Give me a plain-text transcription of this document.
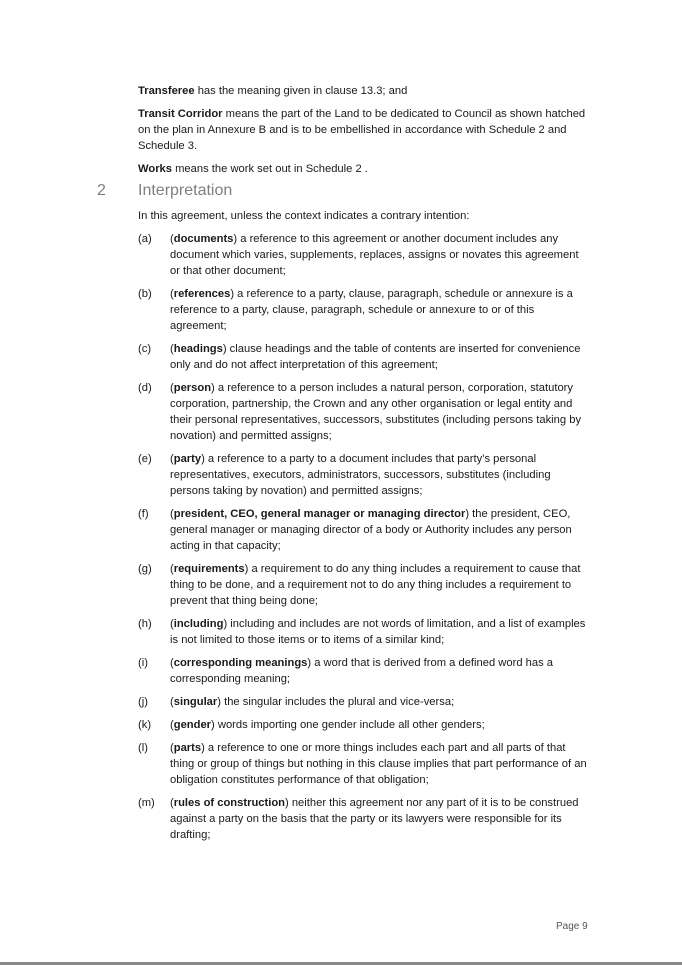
Transferee has the meaning given in clause 13.3; and

Transit Corridor means the part of the Land to be dedicated to Council as shown hatched on the plan in Annexure B and is to be embellished in accordance with Schedule 2 and Schedule 3.

Works means the work set out in Schedule 2 .

2 Interpretation
In this agreement, unless the context indicates a contrary intention:
(a)	(documents) a reference to this agreement or another document includes any document which varies, supplements, replaces, assigns or novates this agreement or that other document;
(b)	(references) a reference to a party, clause, paragraph, schedule or annexure is a reference to a party, clause, paragraph, schedule or annexure to or of this agreement;
(c)	(headings) clause headings and the table of contents are inserted for convenience only and do not affect interpretation of this agreement;
(d)	(person) a reference to a person includes a natural person, corporation, statutory corporation, partnership, the Crown and any other organisation or legal entity and their personal representatives, successors, substitutes (including persons taking by novation) and permitted assigns;
(e)	(party) a reference to a party to a document includes that party’s personal representatives, executors, administrators, successors, substitutes (including persons taking by novation) and permitted assigns;
(f)	(president, CEO, general manager or managing director) the president, CEO, general manager or managing director of a body or Authority includes any person acting in that capacity;
(g)	(requirements) a requirement to do any thing includes a requirement to cause that thing to be done, and a requirement not to do any thing includes a requirement to prevent that thing being done;
(h)	(including) including and includes are not words of limitation, and a list of examples is not limited to those items or to items of a similar kind;
(i)	(corresponding meanings) a word that is derived from a defined word has a corresponding meaning;
(j)	(singular) the singular includes the plural and vice-versa;
(k)	(gender) words importing one gender include all other genders;
(l)	(parts) a reference to one or more things includes each part and all parts of that thing or group of things but nothing in this clause implies that part performance of an obligation constitutes performance of that obligation;
(m)	(rules of construction) neither this agreement nor any part of it is to be construed against a party on the basis that the party or its lawyers were responsible for its drafting;
Page 9
